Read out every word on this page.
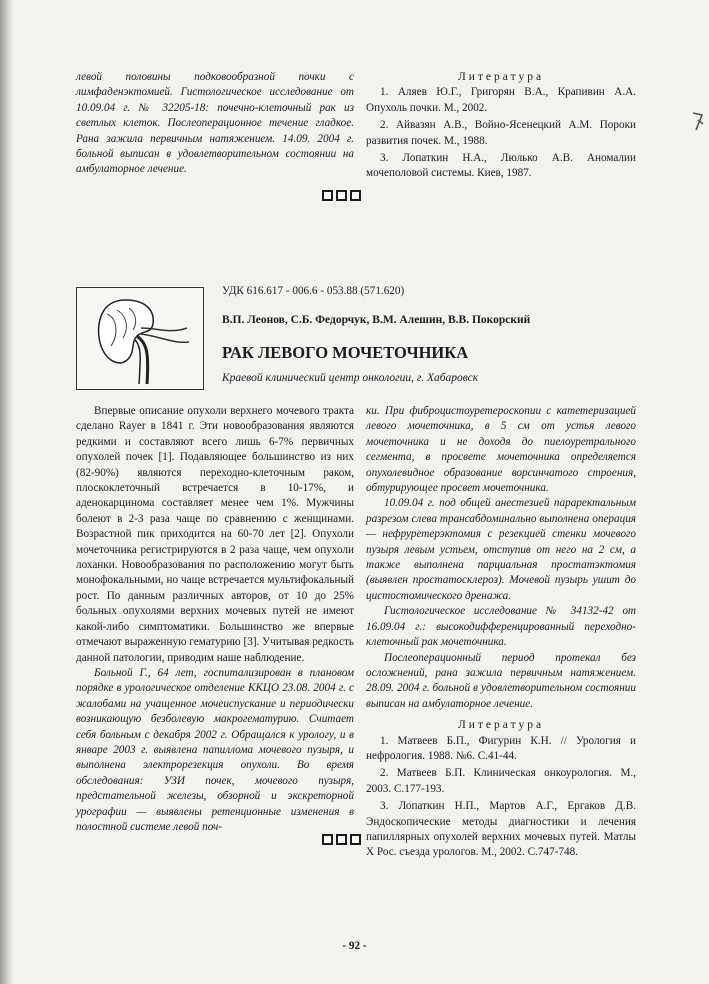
левой половины подковообразной почки с лимфаденэктомией. Гистологическое исследование от 10.09.04 г. № 32205-18: почечно-клеточный рак из светлых клеток. Послеоперационное течение гладкое. Рана зажила первичным натяжением. 14.09. 2004 г. больной выписан в удовлетворительном состоянии на амбулаторное лечение.

Литература

1. Аляев Ю.Г., Григорян В.А., Крапивин А.А. Опухоль почки. М., 2002.

2. Айвазян А.В., Войно-Ясенецкий А.М. Пороки развития почек. М., 1988.

3. Лопаткин Н.А., Люлько А.В. Аномалии мочеполовой системы. Киев, 1987.

УДК 616.617 - 006.6 - 053.88 (571.620)
В.П. Леонов, С.Б. Федорчук, В.М. Алешин, В.В. Покорский
РАК ЛЕВОГО МОЧЕТОЧНИКА
Краевой клинический центр онкологии, г. Хабаровск

Впервые описание опухоли верхнего мочевого тракта сделано Rayer в 1841 г. Эти новообразования являются редкими и составляют всего лишь 6-7% первичных опухолей почек [1]. Подавляющее большинство из них (82-90%) являются переходно-клеточным раком, плоскоклеточный встречается в 10-17%, и аденокарцинома составляет менее чем 1%. Мужчины болеют в 2-3 раза чаще по сравнению с женщинами. Возрастной пик приходится на 60-70 лет [2]. Опухоли мочеточника регистрируются в 2 раза чаще, чем опухоли лоханки. Новообразования по расположению могут быть монофокальными, но чаще встречается мультифокальный рост. По данным различных авторов, от 10 до 25% больных опухолями верхних мочевых путей не имеют какой-либо симптоматики. Большинство же впервые отмечают выраженную гематурию [3]. Учитывая редкость данной патологии, приводим наше наблюдение.

Больной Г., 64 лет, госпитализирован в плановом порядке в урологическое отделение ККЦО 23.08. 2004 г. с жалобами на учащенное мочеиспускание и периодически возникающую безболевую макрогематурию. Считает себя больным с декабря 2002 г. Обращался к урологу, и в январе 2003 г. выявлена папиллома мочевого пузыря, и выполнена электрорезекция опухоли. Во время обследования: УЗИ почек, мочевого пузыря, предстательной железы, обзорной и экскреторной урографии — выявлены ретенционные изменения в полостной системе левой поч-

ки. При фиброцистоуретероскопии с катетеризацией левого мочеточника, в 5 см от устья левого мочеточника и не доходя до пиелоуретрального сегмента, в просвете мочеточника определяется опухолевидное образование ворсинчатого строения, обтурирующее просвет мочеточника.

10.09.04 г. под общей анестезией параректальным разрезом слева трансабдоминально выполнена операция — нефруретерэктомия с резекцией стенки мочевого пузыря левым устьем, отступив от него на 2 см, а также выполнена парциальная простатэктомия (выявлен простатосклероз). Мочевой пузырь ушит до цистостомического дренажа.

Гистологическое исследование № 34132-42 от 16.09.04 г.: высокодифференцированный переходно-клеточный рак мочеточника.

Послеоперационный период протекал без осложнений, рана зажила первичным натяжением. 28.09. 2004 г. больной в удовлетворительном состоянии выписан на амбулаторное лечение.

Литература

1. Матвеев Б.П., Фигурин К.Н. // Урология и нефрология. 1988. №6. С.41-44.

2. Матвеев Б.П. Клиническая онкоурология. М., 2003. С.177-193.

3. Лопаткин Н.П., Мартов А.Г., Ергаков Д.В. Эндоскопические методы диагностики и лечения папиллярных опухолей верхних мочевых путей. Матлы X Рос. съезда урологов. М., 2002. С.747-748.

- 92 -
